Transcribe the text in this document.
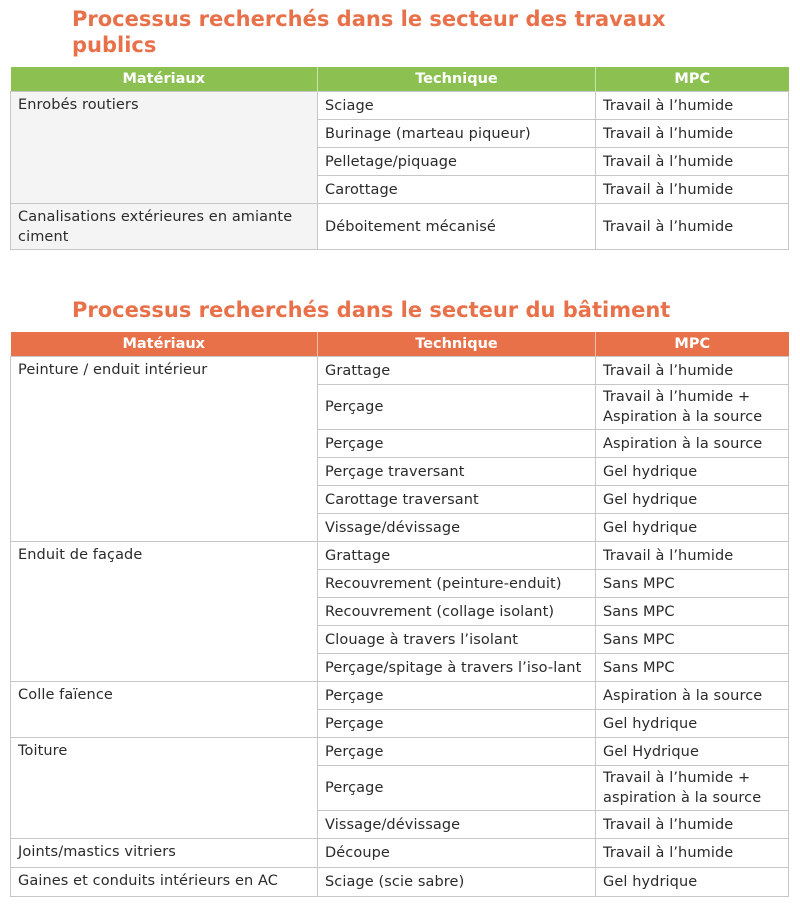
Processus recherchés dans le secteur des travaux publics
Matériaux	Technique	MPC
Enrobés routiers	Sciage	Travail à l’humide
	Burinage (marteau piqueur)	Travail à l’humide
	Pelletage/piquage	Travail à l’humide
	Carottage	Travail à l’humide
Canalisations extérieures en amiante ciment	Déboitement mécanisé	Travail à l’humide
Processus recherchés dans le secteur du bâtiment
Matériaux	Technique	MPC
Peinture / enduit intérieur	Grattage	Travail à l’humide
	Perçage	Travail à l’humide + Aspiration à la source
	Perçage	Aspiration à la source
	Perçage traversant	Gel hydrique
	Carottage traversant	Gel hydrique
	Vissage/dévissage	Gel hydrique
Enduit de façade	Grattage	Travail à l’humide
	Recouvrement (peinture-enduit)	Sans MPC
	Recouvrement (collage isolant)	Sans MPC
	Clouage à travers l’isolant	Sans MPC
	Perçage/spitage à travers l’iso-lant	Sans MPC
Colle faïence	Perçage	Aspiration à la source
	Perçage	Gel hydrique
Toiture	Perçage	Gel Hydrique
	Perçage	Travail à l’humide + aspiration à la source
	Vissage/dévissage	Travail à l’humide
Joints/mastics vitriers	Découpe	Travail à l’humide
Gaines et conduits intérieurs en AC	Sciage (scie sabre)	Gel hydrique
